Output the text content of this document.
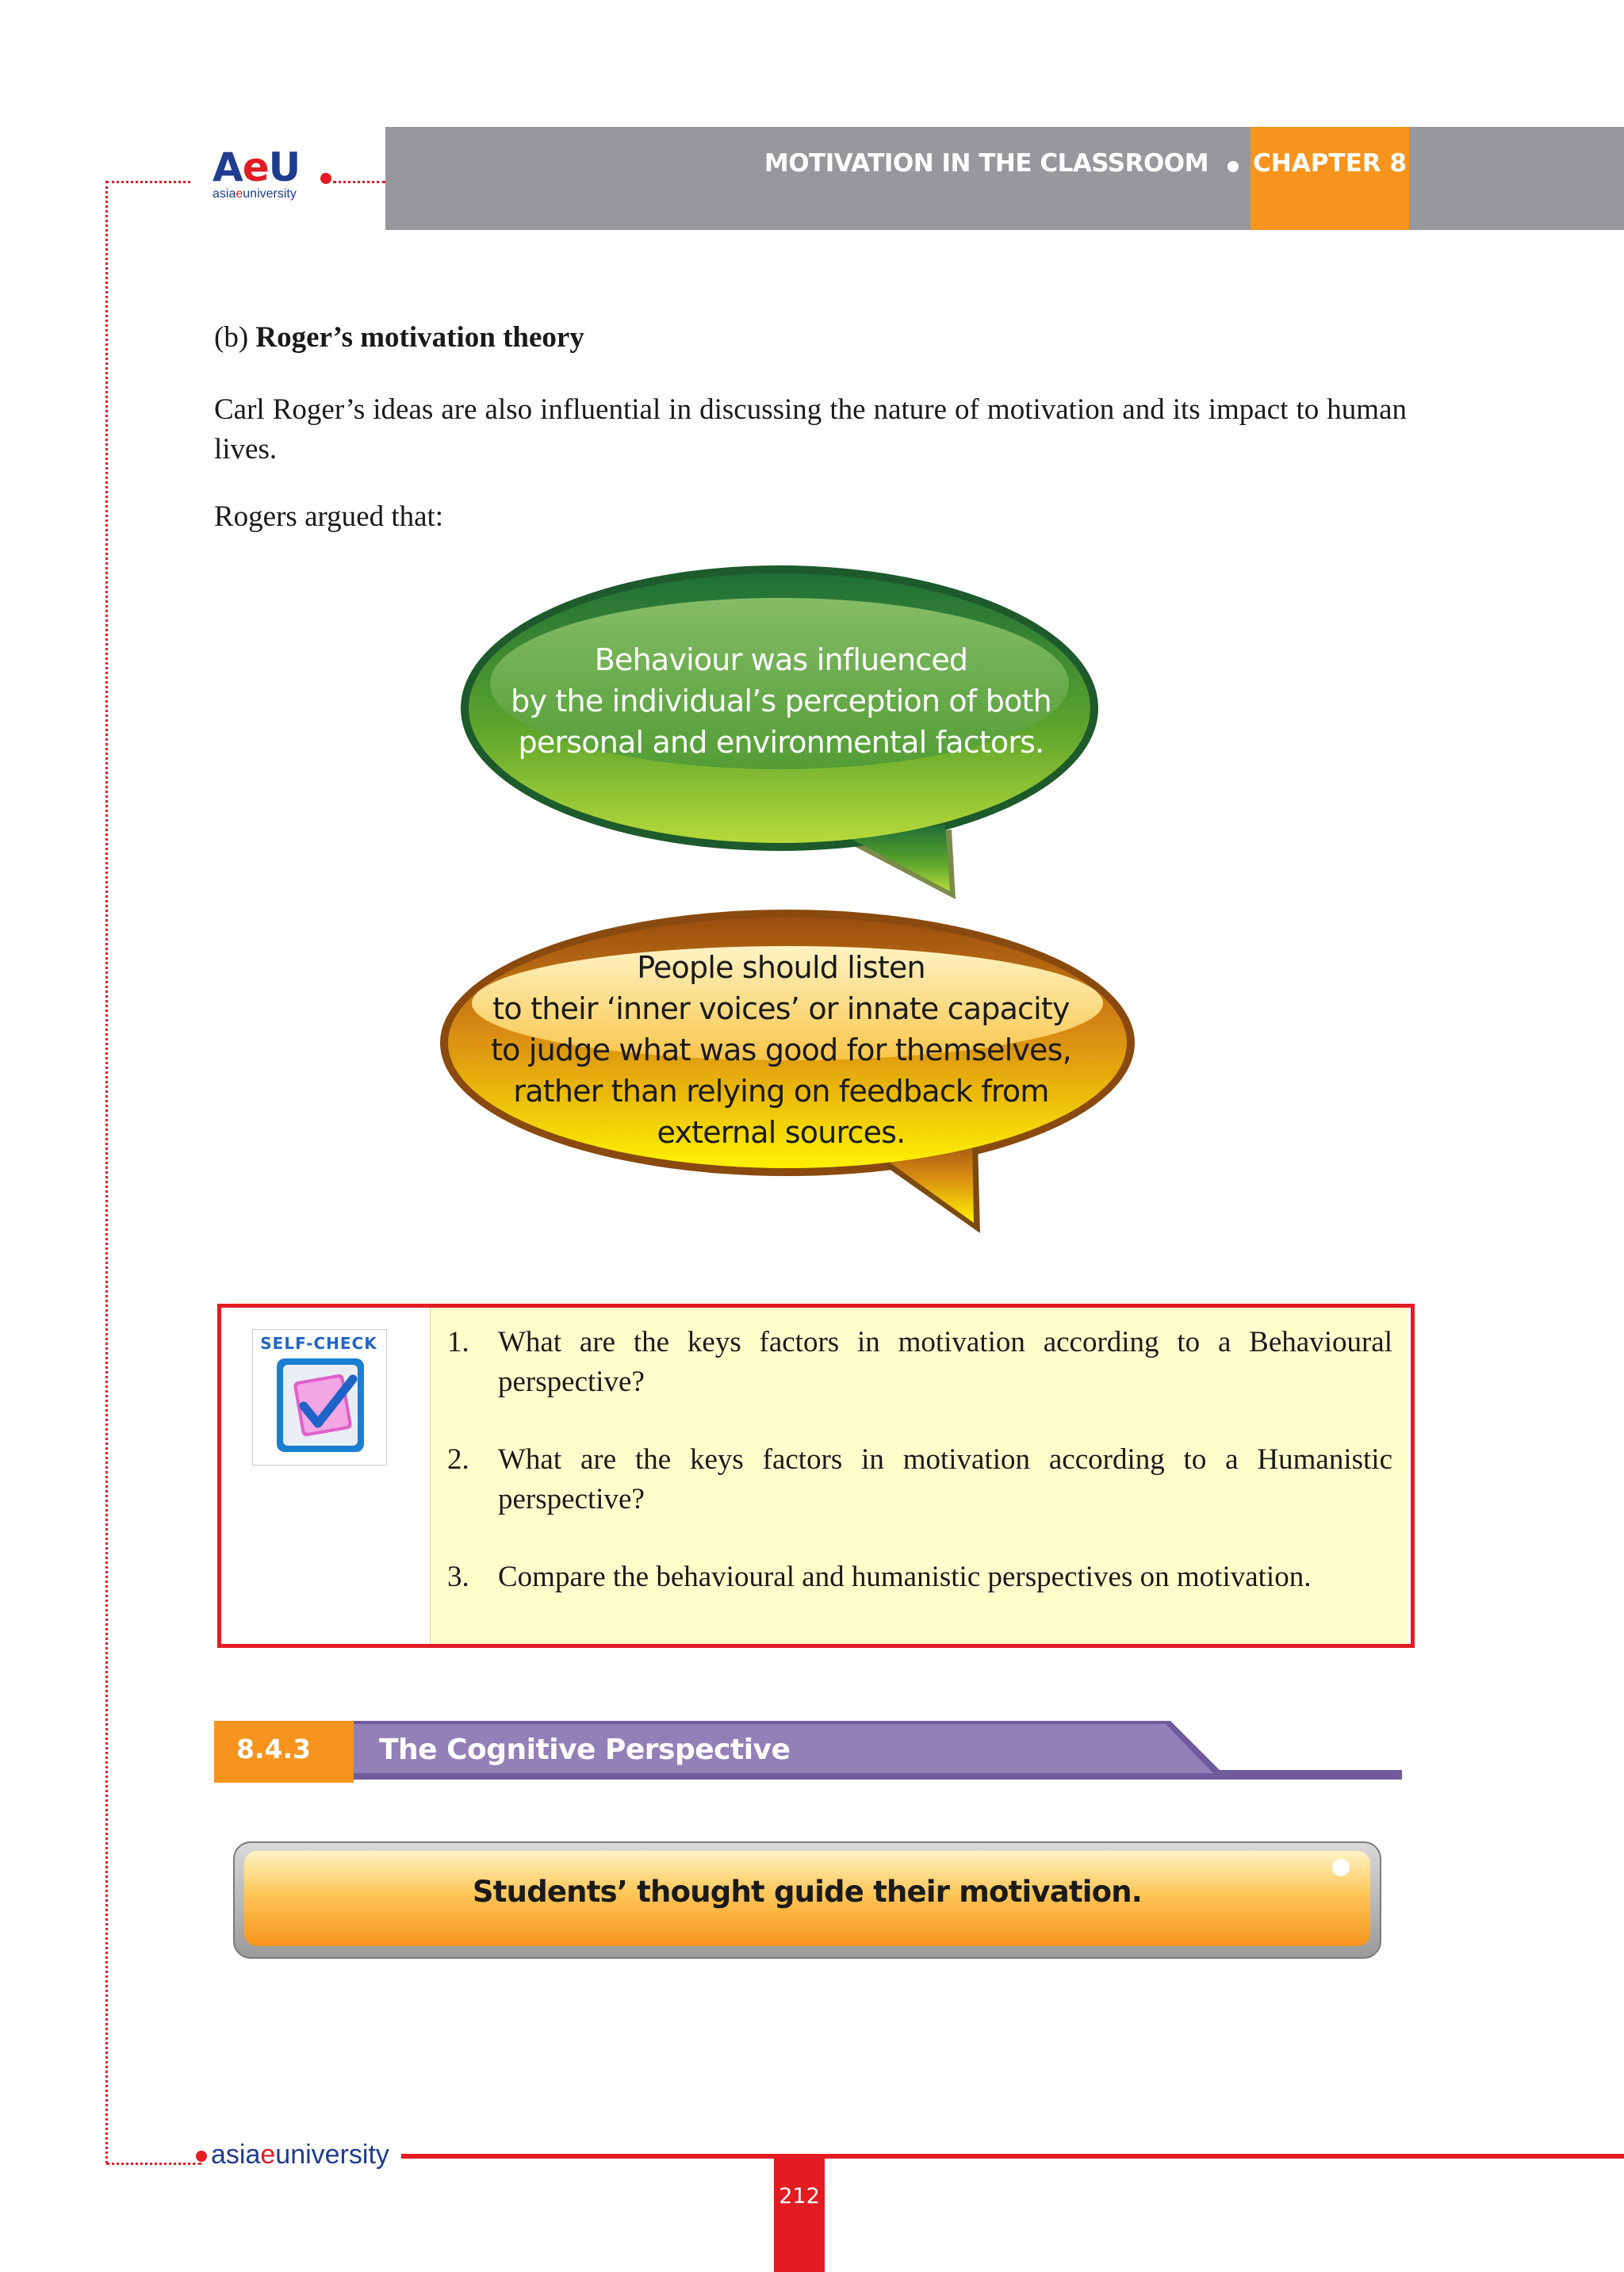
AeU
asiaeuniversity
MOTIVATION IN THE CLASSROOM CHAPTER 8
(b) Roger’s motivation theory
Carl Roger’s ideas are also influential in discussing the nature of motivation and its impact to human lives.
Rogers argued that:
Behaviour was influenced
by the individual’s perception of both
personal and environmental factors.
People should listen
to their ‘inner voices’ or innate capacity
to judge what was good for themselves,
rather than relying on feedback from
external sources.
SELF-CHECK 1. What are the keys factors in motivation according to a Behavioural perspective?
2. What are the keys factors in motivation according to a Humanistic perspective?
3. Compare the behavioural and humanistic perspectives on motivation.
8.4.3	The Cognitive Perspective
Students’ thought guide their motivation.
asiaeuniversity
212
